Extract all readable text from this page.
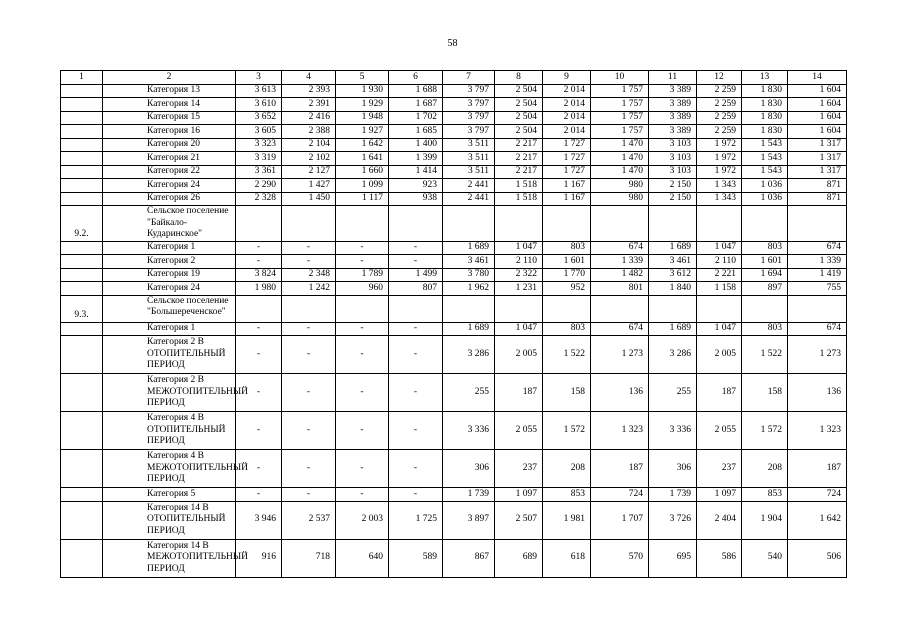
58
1	2	3	4	5	6	7	8	9	10	11	12	13	14
	Категория 13	3 613	2 393	1 930	1 688	3 797	2 504	2 014	1 757	3 389	2 259	1 830	1 604
	Категория 14	3 610	2 391	1 929	1 687	3 797	2 504	2 014	1 757	3 389	2 259	1 830	1 604
	Категория 15	3 652	2 416	1 948	1 702	3 797	2 504	2 014	1 757	3 389	2 259	1 830	1 604
	Категория 16	3 605	2 388	1 927	1 685	3 797	2 504	2 014	1 757	3 389	2 259	1 830	1 604
	Категория 20	3 323	2 104	1 642	1 400	3 511	2 217	1 727	1 470	3 103	1 972	1 543	1 317
	Категория 21	3 319	2 102	1 641	1 399	3 511	2 217	1 727	1 470	3 103	1 972	1 543	1 317
	Категория 22	3 361	2 127	1 660	1 414	3 511	2 217	1 727	1 470	3 103	1 972	1 543	1 317
	Категория 24	2 290	1 427	1 099	923	2 441	1 518	1 167	980	2 150	1 343	1 036	871
	Категория 26	2 328	1 450	1 117	938	2 441	1 518	1 167	980	2 150	1 343	1 036	871
9.2.	Сельское поселение "Байкало-Кударинское"												
	Категория 1	-	-	-	-	1 689	1 047	803	674	1 689	1 047	803	674
	Категория 2	-	-	-	-	3 461	2 110	1 601	1 339	3 461	2 110	1 601	1 339
	Категория 19	3 824	2 348	1 789	1 499	3 780	2 322	1 770	1 482	3 612	2 221	1 694	1 419
	Категория 24	1 980	1 242	960	807	1 962	1 231	952	801	1 840	1 158	897	755
9.3.	Сельское поселение "Большереченское"												
	Категория 1	-	-	-	-	1 689	1 047	803	674	1 689	1 047	803	674
	Категория 2 В ОТОПИТЕЛЬНЫЙ ПЕРИОД	-	-	-	-	3 286	2 005	1 522	1 273	3 286	2 005	1 522	1 273
	Категория 2 В МЕЖОТОПИТЕЛЬНЫЙ ПЕРИОД	-	-	-	-	255	187	158	136	255	187	158	136
	Категория 4 В ОТОПИТЕЛЬНЫЙ ПЕРИОД	-	-	-	-	3 336	2 055	1 572	1 323	3 336	2 055	1 572	1 323
	Категория 4 В МЕЖОТОПИТЕЛЬНЫЙ ПЕРИОД	-	-	-	-	306	237	208	187	306	237	208	187
	Категория 5	-	-	-	-	1 739	1 097	853	724	1 739	1 097	853	724
	Категория 14 В ОТОПИТЕЛЬНЫЙ ПЕРИОД	3 946	2 537	2 003	1 725	3 897	2 507	1 981	1 707	3 726	2 404	1 904	1 642
	Категория 14 В МЕЖОТОПИТЕЛЬНЫЙ ПЕРИОД	916	718	640	589	867	689	618	570	695	586	540	506
